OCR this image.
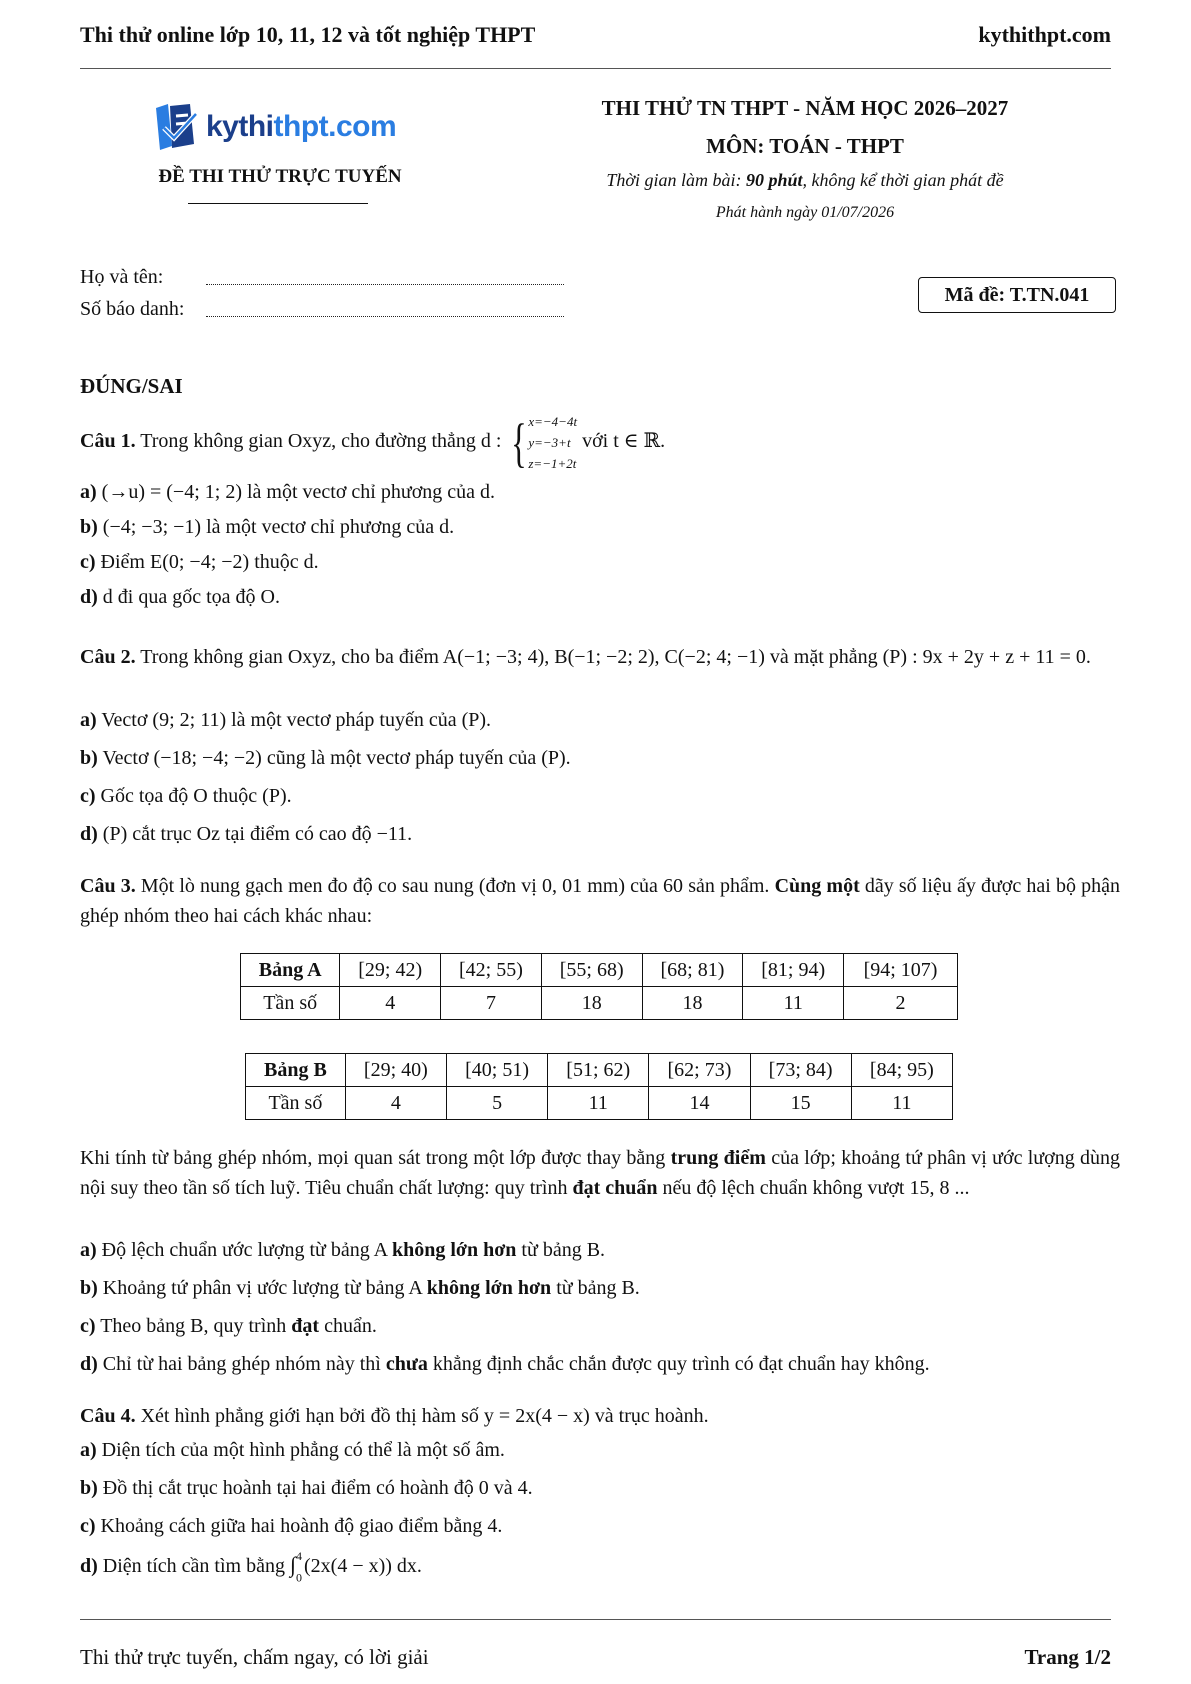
Thi thử online lớp 10, 11, 12 và tốt nghiệp THPT	kythithpt.com
kythithpt.com
ĐỀ THI THỬ TRỰC TUYẾN
THI THỬ TN THPT - NĂM HỌC 2026–2027
MÔN: TOÁN - THPT
Thời gian làm bài: 90 phút, không kể thời gian phát đề
Phát hành ngày 01/07/2026
Họ và tên:
Số báo danh:
Mã đề: T.TN.041
ĐÚNG/SAI
Câu 1. Trong không gian Oxyz, cho đường thẳng d : {x=−4−4t
y=−3+t
z=−1+2t với t ∈ ℝ.
a) (→u) = (−4; 1; 2) là một vectơ chỉ phương của d.
b) (−4; −3; −1) là một vectơ chỉ phương của d.
c) Điểm E(0; −4; −2) thuộc d.
d) d đi qua gốc tọa độ O.
Câu 2. Trong không gian Oxyz, cho ba điểm A(−1; −3; 4), B(−1; −2; 2), C(−2; 4; −1) và mặt phẳng (P) : 9x + 2y + z + 11 = 0.
a) Vectơ (9; 2; 11) là một vectơ pháp tuyến của (P).
b) Vectơ (−18; −4; −2) cũng là một vectơ pháp tuyến của (P).
c) Gốc tọa độ O thuộc (P).
d) (P) cắt trục Oz tại điểm có cao độ −11.
Câu 3. Một lò nung gạch men đo độ co sau nung (đơn vị 0, 01 mm) của 60 sản phẩm. Cùng một dãy số liệu ấy được hai bộ phận ghép nhóm theo hai cách khác nhau:
Bảng A	[29; 42)	[42; 55)	[55; 68)	[68; 81)	[81; 94)	[94; 107)
Tần số	4	7	18	18	11	2
Bảng B	[29; 40)	[40; 51)	[51; 62)	[62; 73)	[73; 84)	[84; 95)
Tần số	4	5	11	14	15	11
Khi tính từ bảng ghép nhóm, mọi quan sát trong một lớp được thay bằng trung điểm của lớp; khoảng tứ phân vị ước lượng dùng nội suy theo tần số tích luỹ. Tiêu chuẩn chất lượng: quy trình đạt chuẩn nếu độ lệch chuẩn không vượt 15, 8 ...
a) Độ lệch chuẩn ước lượng từ bảng A không lớn hơn từ bảng B.
b) Khoảng tứ phân vị ước lượng từ bảng A không lớn hơn từ bảng B.
c) Theo bảng B, quy trình đạt chuẩn.
d) Chỉ từ hai bảng ghép nhóm này thì chưa khẳng định chắc chắn được quy trình có đạt chuẩn hay không.
Câu 4. Xét hình phẳng giới hạn bởi đồ thị hàm số y = 2x(4 − x) và trục hoành.
a) Diện tích của một hình phẳng có thể là một số âm.
b) Đồ thị cắt trục hoành tại hai điểm có hoành độ 0 và 4.
c) Khoảng cách giữa hai hoành độ giao điểm bằng 4.
d) Diện tích cần tìm bằng ∫$^4$
$_0$(2x(4 − x)) dx.
Thi thử trực tuyến, chấm ngay, có lời giải	Trang 1/2
